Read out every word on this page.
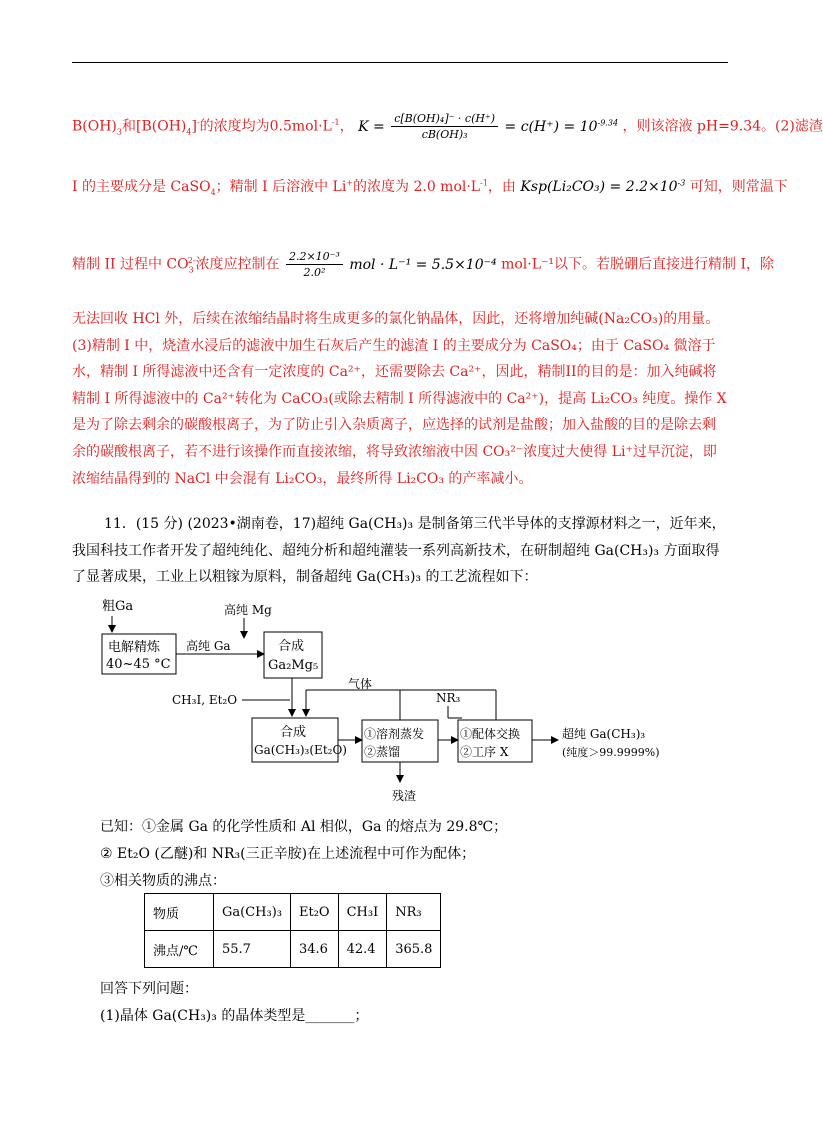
$B(OH)_3$和$[B(OH)_4]^-$的浓度均为$0.5mol\cdot L^{-1}$， $K = \frac{\text{c[B(OH)₄]⁻ · c(H⁺)}}{\text{cB(OH)₃}} = c(H^+) = 10^{-9.34}$ ，则该溶液 pH=9.34。(2)滤渣
I 的主要成分是 CaSO$_4$；精制 I 后溶液中 Li+的浓度为 2.0 $mol\cdot L^{-1}$，由 $Ksp(Li_2CO_3) = 2.2\times 10^{-3}$ 可知，则常温下
精制 II 过程中 $CO_3^{2-}$浓度应控制在 $\frac{\text{2.2×10⁻³}}{\text{2.0²}}$ mol · L⁻¹ = 5.5×10⁻⁴ mol·L⁻¹以下。若脱硼后直接进行精制 I，除
无法回收 HCl 外，后续在浓缩结晶时将生成更多的氯化钠晶体，因此，还将增加纯碱(Na₂CO₃)的用量。(3)精制 I 中，烧渣水浸后的滤液中加生石灰后产生的滤渣 I 的主要成分为 CaSO₄；由于 CaSO₄ 微溶于水，精制 I 所得滤液中还含有一定浓度的 Ca²⁺，还需要除去 Ca²⁺，因此，精制II的目的是：加入纯碱将精制 I 所得滤液中的 Ca²⁺转化为 CaCO₃(或除去精制 I 所得滤液中的 Ca²⁺)，提高 Li₂CO₃ 纯度。操作 X 是为了除去剩余的碳酸根离子，为了防止引入杂质离子，应选择的试剂是盐酸；加入盐酸的目的是除去剩余的碳酸根离子，若不进行该操作而直接浓缩，将导致浓缩液中因 CO₃²⁻浓度过大使得 Li⁺过早沉淀，即浓缩结晶得到的 NaCl 中会混有 Li₂CO₃，最终所得 Li₂CO₃ 的产率减小。
11．(15 分) (2023•湖南卷，17)超纯 Ga(CH₃)₃ 是制备第三代半导体的支撑源材料之一，近年来，我国科技工作者开发了超纯纯化、超纯分析和超纯灌装一系列高新技术，在研制超纯 Ga(CH₃)₃ 方面取得了显著成果，工业上以粗镓为原料，制备超纯 Ga(CH₃)₃ 的工艺流程如下：
粗Ga
电解精炼
40~45 °C
高纯 Ga
高纯 Mg
合成
Ga₂Mg₅
气体
CH₃I, Et₂O
合成
Ga(CH₃)₃(Et₂O)
NR₃
①溶剂蒸发
②蒸馏
①配体交换
②工序 X
超纯 Ga(CH₃)₃
(纯度＞99.9999%)
残渣
已知：①金属 Ga 的化学性质和 Al 相似，Ga 的熔点为 29.8℃；
② Et₂O (乙醚)和 NR₃(三正辛胺)在上述流程中可作为配体；
③相关物质的沸点：
物质	Ga(CH₃)₃	Et₂O	CH₃I	NR₃
沸点/℃	55.7	34.6	42.4	365.8
回答下列问题：
(1)晶体 Ga(CH₃)₃ 的晶体类型是_______；
